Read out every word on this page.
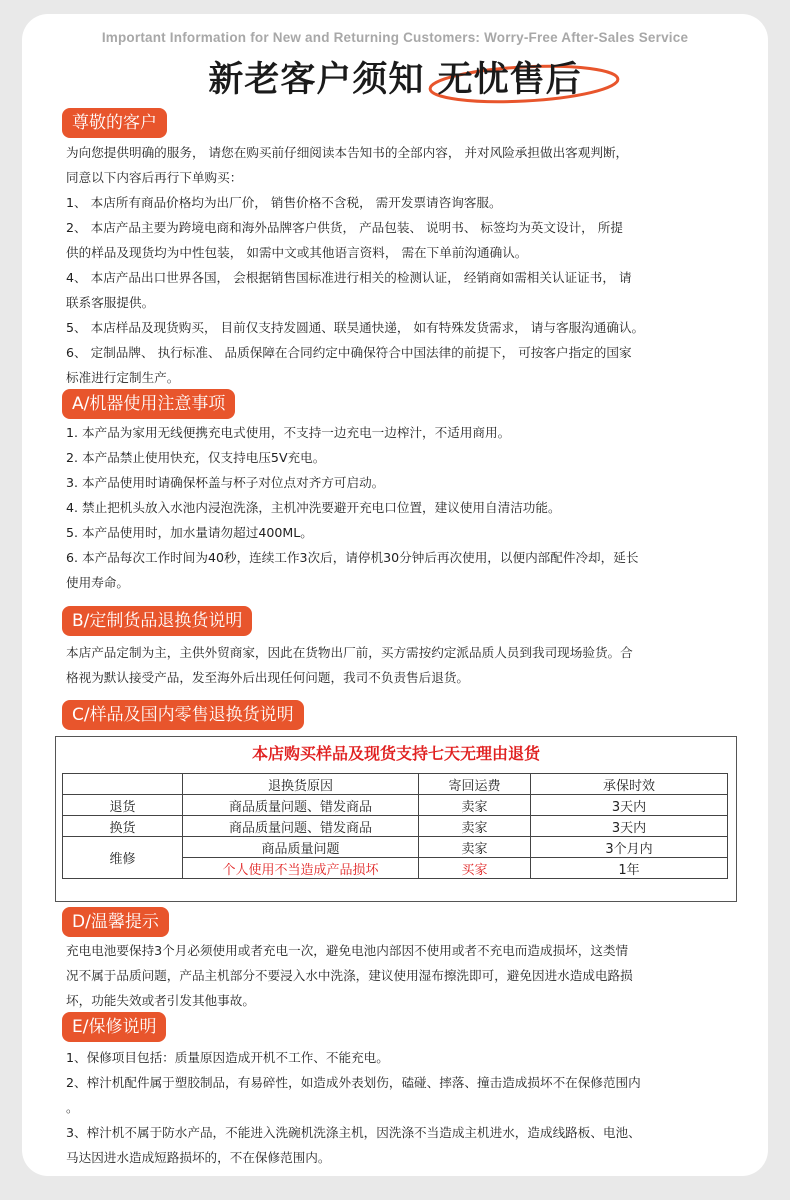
Important Information for New and Returning Customers: Worry-Free After-Sales Service
新老客户须知 无忧售后
尊敬的客户
为向您提供明确的服务， 请您在购买前仔细阅读本告知书的全部内容， 并对风险承担做出客观判断，
同意以下内容后再行下单购买：
1、 本店所有商品价格均为出厂价， 销售价格不含税， 需开发票请咨询客服。
2、 本店产品主要为跨境电商和海外品牌客户供货， 产品包装、 说明书、 标签均为英文设计， 所提
供的样品及现货均为中性包装， 如需中文或其他语言资料， 需在下单前沟通确认。
4、 本店产品出口世界各国， 会根据销售国标准进行相关的检测认证， 经销商如需相关认证证书， 请
联系客服提供。
5、 本店样品及现货购买， 目前仅支持发圆通、联昊通快递， 如有特殊发货需求， 请与客服沟通确认。
6、 定制品牌、 执行标准、 品质保障在合同约定中确保符合中国法律的前提下， 可按客户指定的国家
标准进行定制生产。
A/机器使用注意事项
1. 本产品为家用无线便携充电式使用，不支持一边充电一边榨汁，不适用商用。
2. 本产品禁止使用快充，仅支持电压5V充电。
3. 本产品使用时请确保杯盖与杯子对位点对齐方可启动。
4. 禁止把机头放入水池内浸泡洗涤，主机冲洗要避开充电口位置，建议使用自清洁功能。
5. 本产品使用时，加水量请勿超过400ML。
6. 本产品每次工作时间为40秒，连续工作3次后，请停机30分钟后再次使用，以便内部配件冷却，延长
使用寿命。
B/定制货品退换货说明
本店产品定制为主，主供外贸商家，因此在货物出厂前，买方需按约定派品质人员到我司现场验货。合
格视为默认接受产品，发至海外后出现任何问题，我司不负责售后退货。
C/样品及国内零售退换货说明
本店购买样品及现货支持七天无理由退货
	退换货原因	寄回运费	承保时效
退货	商品质量问题、错发商品	卖家	3天内
换货	商品质量问题、错发商品	卖家	3天内
维修	商品质量问题	卖家	3个月内
	个人使用不当造成产品损坏	买家	1年
D/温馨提示
充电电池要保持3个月必须使用或者充电一次，避免电池内部因不使用或者不充电而造成损坏，这类情
况不属于品质问题，产品主机部分不要浸入水中洗涤，建议使用湿布擦洗即可，避免因进水造成电路损
坏，功能失效或者引发其他事故。
E/保修说明
1、保修项目包括：质量原因造成开机不工作、不能充电。
2、榨汁机配件属于塑胶制品，有易碎性，如造成外表划伤，磕碰、摔落、撞击造成损坏不在保修范围内
。
3、榨汁机不属于防水产品，不能进入洗碗机洗涤主机，因洗涤不当造成主机进水，造成线路板、电池、
马达因进水造成短路损坏的，不在保修范围内。
